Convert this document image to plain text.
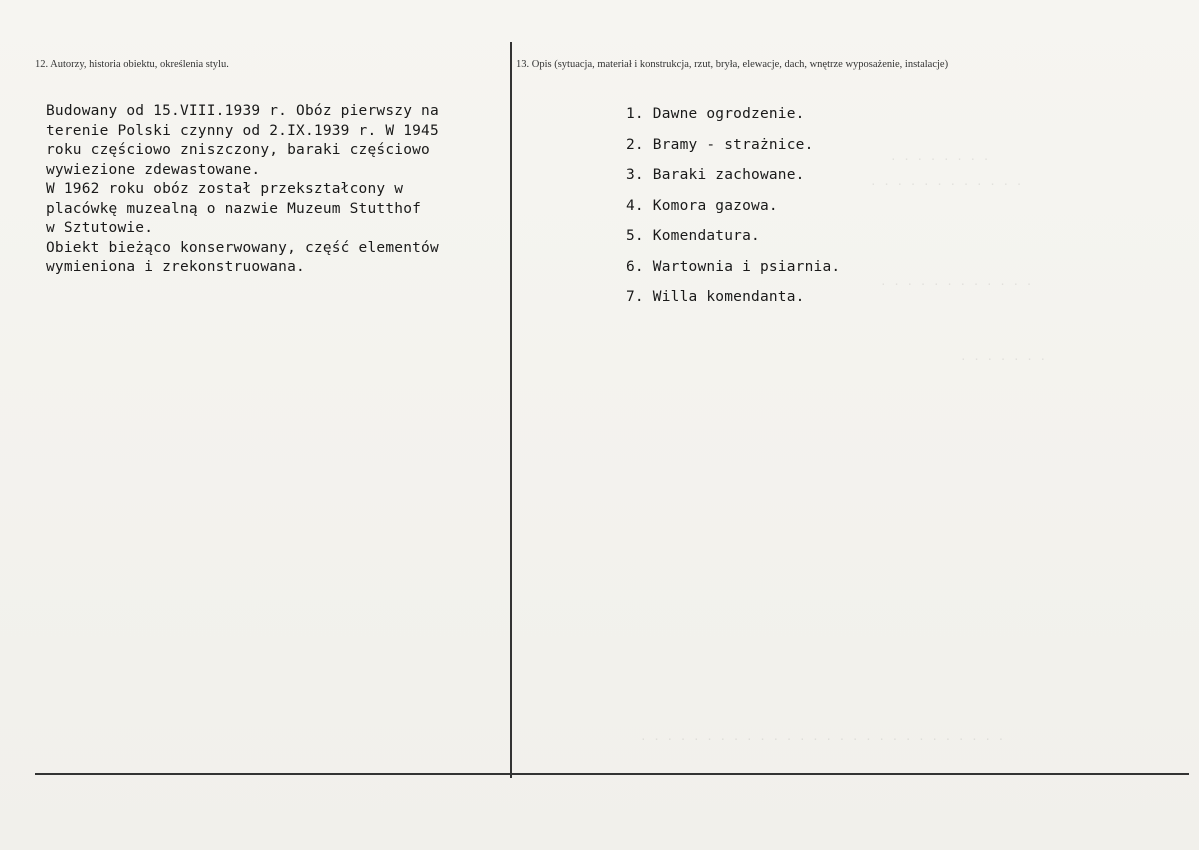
. . . . . . . .
. . . . . . . . . . . .
. . . . . . . . . . . .
. . . . . . .
. . . . . . . . . . . . . . . . . . . . . . . . . . . .
12. Autorzy, historia obiektu, określenia stylu.	13. Opis (sytuacja, materiał i konstrukcja, rzut, bryła, elewacje, dach, wnętrze wyposażenie, instalacje)
Budowany od 15.VIII.1939 r. Obóz pierwszy na
terenie Polski czynny od 2.IX.1939 r. W 1945
roku częściowo zniszczony, baraki częściowo
wywiezione zdewastowane.
W 1962 roku obóz został przekształcony w
placówkę muzealną o nazwie Muzeum Stutthof
w Sztutowie.
Obiekt bieżąco konserwowany, część elementów
wymieniona i zrekonstruowana.
1. Dawne ogrodzenie.
2. Bramy - strażnice.
3. Baraki zachowane.
4. Komora gazowa.
5. Komendatura.
6. Wartownia i psiarnia.
7. Willa komendanta.
